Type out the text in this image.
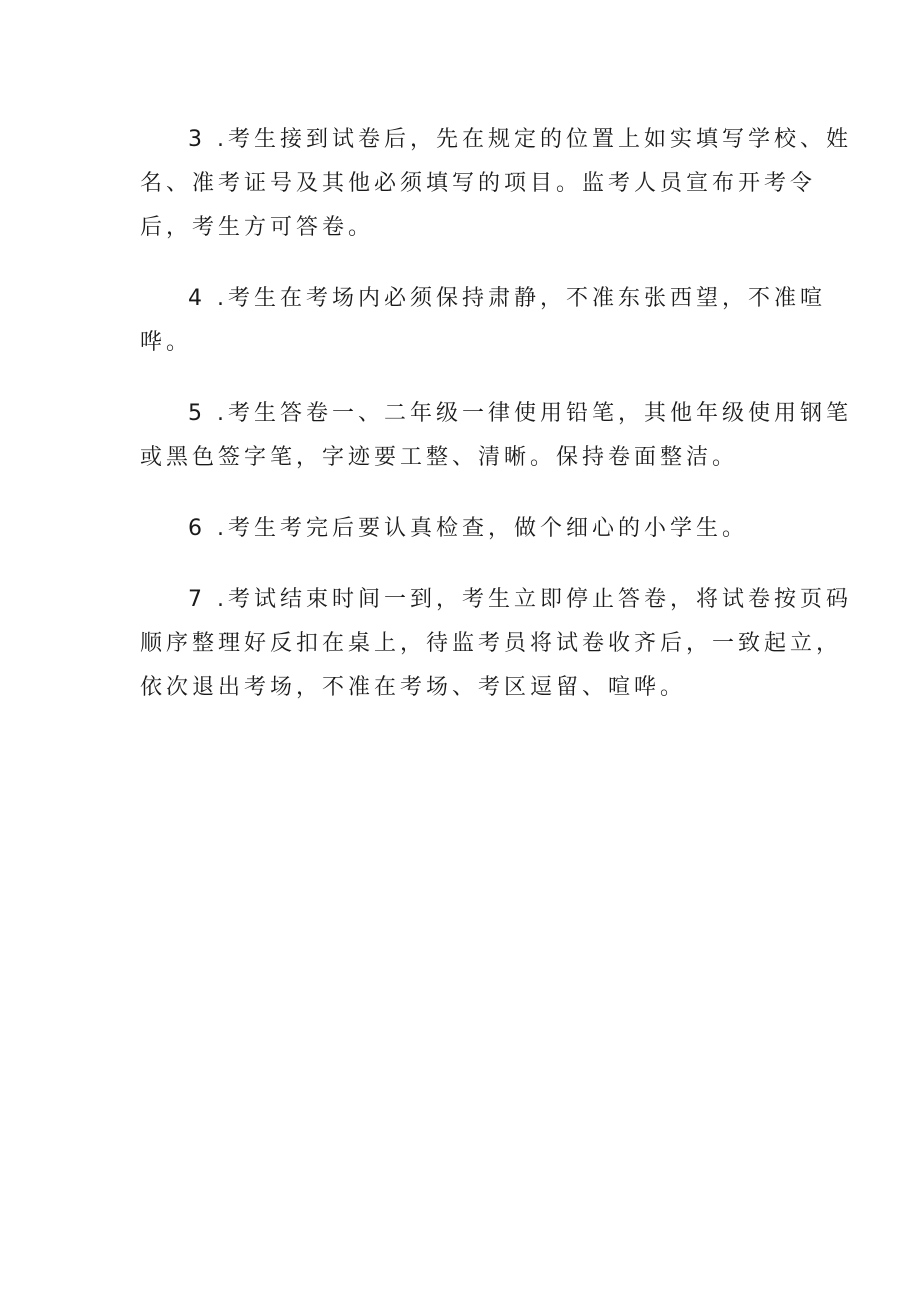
3 .考生接到试卷后，先在规定的位置上如实填写学校、姓
名、准考证号及其他必须填写的项目。监考人员宣布开考令
后，考生方可答卷。
4 .考生在考场内必须保持肃静，不准东张西望，不准喧
哗。
5 .考生答卷一、二年级一律使用铅笔，其他年级使用钢笔
或黑色签字笔，字迹要工整、清晰。保持卷面整洁。
6 .考生考完后要认真检查，做个细心的小学生。
7 .考试结束时间一到，考生立即停止答卷，将试卷按页码
顺序整理好反扣在桌上，待监考员将试卷收齐后，一致起立，
依次退出考场，不准在考场、考区逗留、喧哗。
